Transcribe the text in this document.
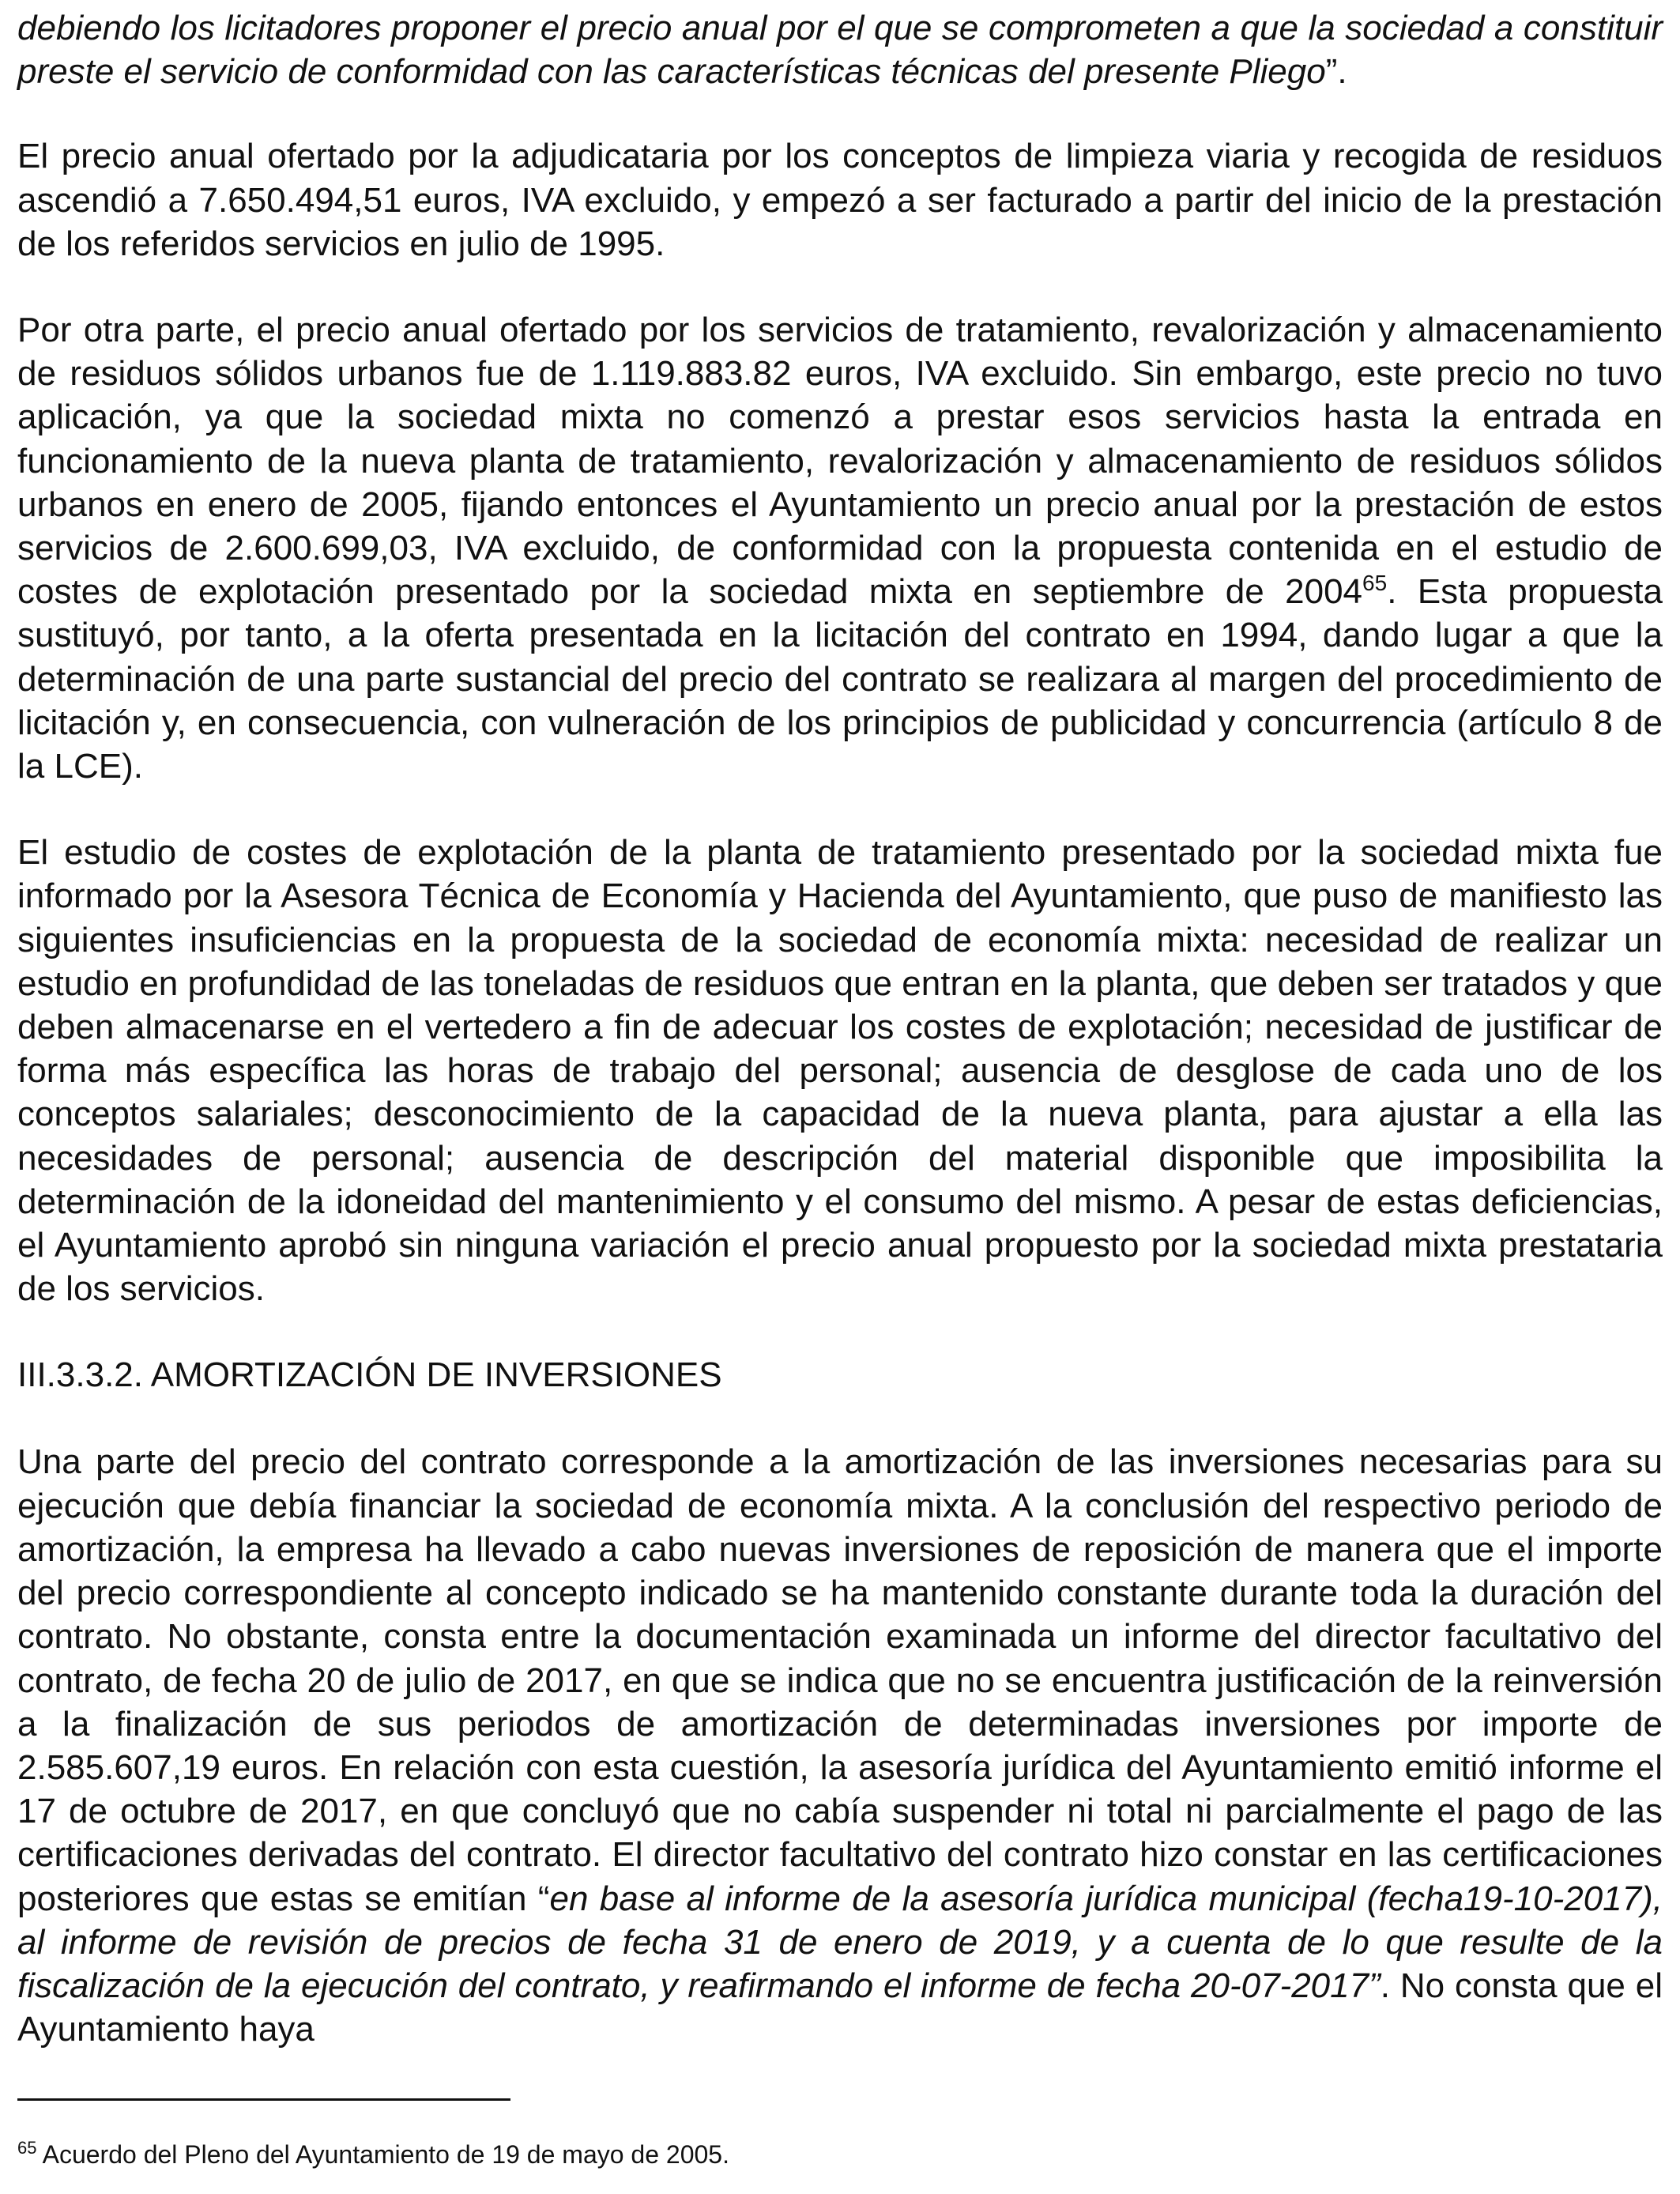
debiendo los licitadores proponer el precio anual por el que se comprometen a que la sociedad a constituir preste el servicio de conformidad con las características técnicas del presente Pliego”.

El precio anual ofertado por la adjudicataria por los conceptos de limpieza viaria y recogida de residuos ascendió a 7.650.494,51 euros, IVA excluido, y empezó a ser facturado a partir del inicio de la prestación de los referidos servicios en julio de 1995.

Por otra parte, el precio anual ofertado por los servicios de tratamiento, revalorización y almacenamiento de residuos sólidos urbanos fue de 1.119.883.82 euros, IVA excluido. Sin embargo, este precio no tuvo aplicación, ya que la sociedad mixta no comenzó a prestar esos servicios hasta la entrada en funcionamiento de la nueva planta de tratamiento, revalorización y almacenamiento de residuos sólidos urbanos en enero de 2005, fijando entonces el Ayuntamiento un precio anual por la prestación de estos servicios de 2.600.699,03, IVA excluido, de conformidad con la propuesta contenida en el estudio de costes de explotación presentado por la sociedad mixta en septiembre de 2004$^{65}$. Esta propuesta sustituyó, por tanto, a la oferta presentada en la licitación del contrato en 1994, dando lugar a que la determinación de una parte sustancial del precio del contrato se realizara al margen del procedimiento de licitación y, en consecuencia, con vulneración de los principios de publicidad y concurrencia (artículo 8 de la LCE).

El estudio de costes de explotación de la planta de tratamiento presentado por la sociedad mixta fue informado por la Asesora Técnica de Economía y Hacienda del Ayuntamiento, que puso de manifiesto las siguientes insuficiencias en la propuesta de la sociedad de economía mixta: necesidad de realizar un estudio en profundidad de las toneladas de residuos que entran en la planta, que deben ser tratados y que deben almacenarse en el vertedero a fin de adecuar los costes de explotación; necesidad de justificar de forma más específica las horas de trabajo del personal; ausencia de desglose de cada uno de los conceptos salariales; desconocimiento de la capacidad de la nueva planta, para ajustar a ella las necesidades de personal; ausencia de descripción del material disponible que imposibilita la determinación de la idoneidad del mantenimiento y el consumo del mismo. A pesar de estas deficiencias, el Ayuntamiento aprobó sin ninguna variación el precio anual propuesto por la sociedad mixta prestataria de los servicios.

III.3.3.2. AMORTIZACIÓN DE INVERSIONES

Una parte del precio del contrato corresponde a la amortización de las inversiones necesarias para su ejecución que debía financiar la sociedad de economía mixta. A la conclusión del respectivo periodo de amortización, la empresa ha llevado a cabo nuevas inversiones de reposición de manera que el importe del precio correspondiente al concepto indicado se ha mantenido constante durante toda la duración del contrato. No obstante, consta entre la documentación examinada un informe del director facultativo del contrato, de fecha 20 de julio de 2017, en que se indica que no se encuentra justificación de la reinversión a la finalización de sus periodos de amortización de determinadas inversiones por importe de 2.585.607,19 euros. En relación con esta cuestión, la asesoría jurídica del Ayuntamiento emitió informe el 17 de octubre de 2017, en que concluyó que no cabía suspender ni total ni parcialmente el pago de las certificaciones derivadas del contrato. El director facultativo del contrato hizo constar en las certificaciones posteriores que estas se emitían “en base al informe de la asesoría jurídica municipal (fecha19-10-2017), al informe de revisión de precios de fecha 31 de enero de 2019, y a cuenta de lo que resulte de la fiscalización de la ejecución del contrato, y reafirmando el informe de fecha 20-07-2017”. No consta que el Ayuntamiento haya

$^{65}$ Acuerdo del Pleno del Ayuntamiento de 19 de mayo de 2005.
